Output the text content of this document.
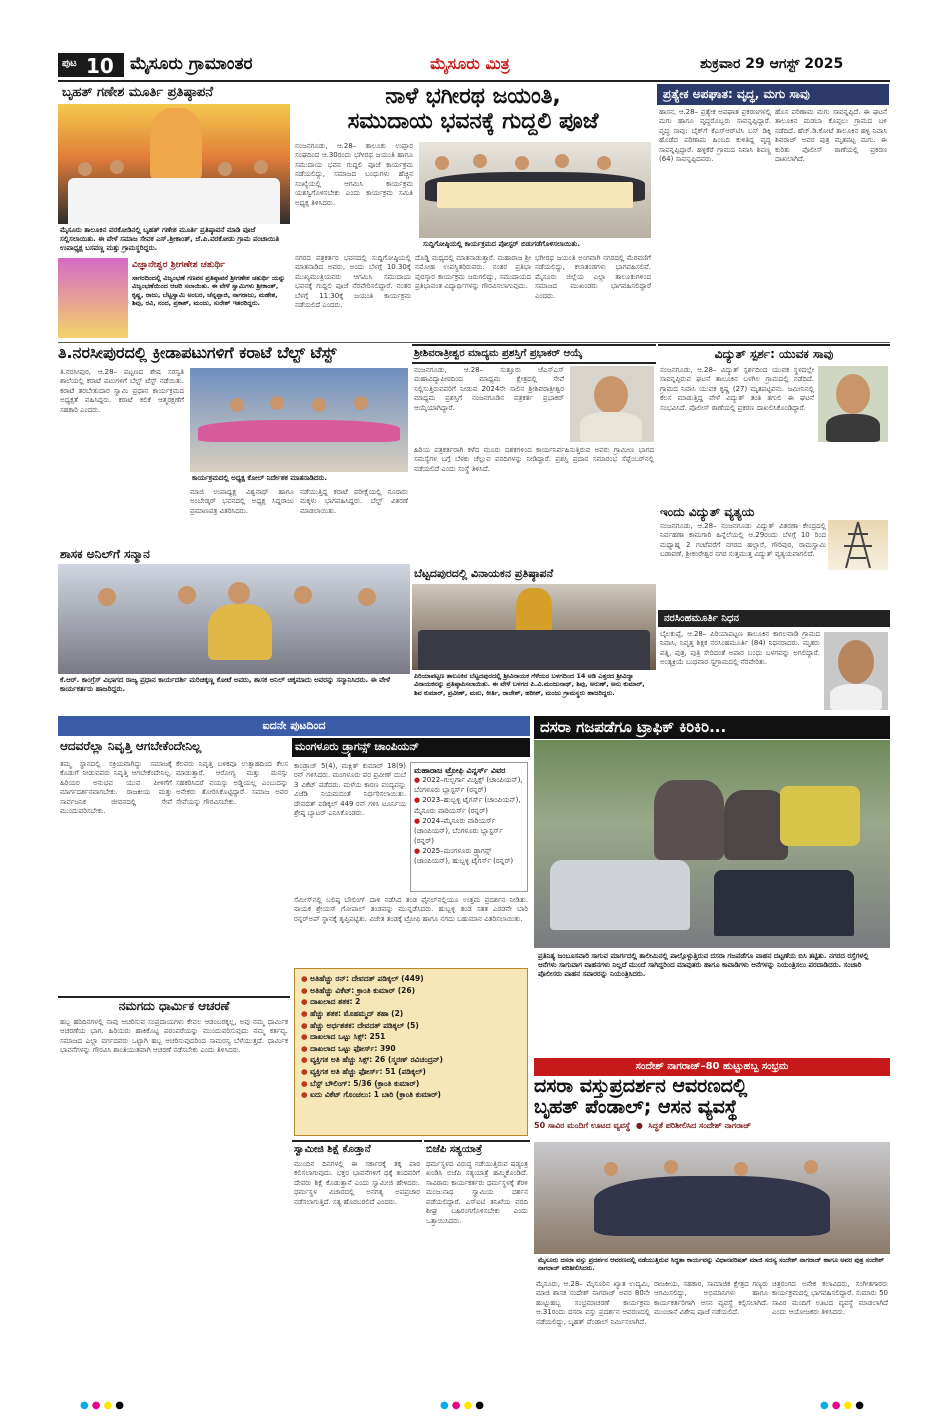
ಪುಟ 10 ಮೈಸೂರು ಗ್ರಾಮಾಂತರ	ಮೈಸೂರು ಮಿತ್ರ	ಶುಕ್ರವಾರ 29 ಆಗಸ್ಟ್ 2025
ಬೃಹತ್ ಗಣೇಶ ಮೂರ್ತಿ ಪ್ರತಿಷ್ಠಾಪನೆ
ಮೈಸೂರು ತಾಲೂಕಿನ ವರಕೋಡಿನಲ್ಲಿ ಬೃಹತ್ ಗಣೇಶ ಮೂರ್ತಿ ಪ್ರತಿಷ್ಠಾಪನೆ ಮಾಡಿ ಪೂಜೆ ಸಲ್ಲಿಸಲಾಯಿತು. ಈ ವೇಳೆ ಸಮಾಜ ಸೇವಕ ಎಸ್.ಶ್ರೀಕಾಂತ್, ಜೆ.ಪಿ.ವರಕೋಡು ಗ್ರಾಮ ಪಂಚಾಯಿತಿ ಉಪಾಧ್ಯಕ್ಷ ಬಸವಣ್ಣ ಮತ್ತು ಗ್ರಾಮಸ್ಥರಿದ್ದರು.
ವಿಜ್ಞಾನೇಶ್ವರ ಶ್ರೀಗಣೇಶ ಚತುರ್ಥಿ
ಸಾಗರದಿಂದಲ್ಲಿ ವಿಜೃಂಭಣೆ ಗಣಪನ ಪ್ರತಿಷ್ಠಾಪನೆ ಶ್ರೀಗಣೇಶ ಚತುರ್ಥಿ ಯನ್ನು ವಿಜೃಂಭಣೆಯಿಂದ ಆಚರಿ ಸಲಾಯಿತು. ಈ ವೇಳೆ ಸ್ವಾಮಿಗಳು ಶ್ರೀಕಾಂತ್, ಕೃಷ್ಣ, ರಾಜು, ಬೆಟ್ಟಸ್ವಾಮಿ ಅಂಬರ, ಚೆನ್ನಪ್ಪಾಜಿ, ನಾಗರಾಜು, ಮಹೇಶ, ಶಿವು, ರವಿ, ನಂದ, ಪ್ರಕಾಶ್, ಮಂಜು, ಸುರೇಶ್ ಇತರರಿದ್ದರು.
ನಾಳೆ ಭಗೀರಥ ಜಯಂತಿ,
ಸಮುದಾಯ ಭವನಕ್ಕೆ ಗುದ್ದಲಿ ಪೂಜೆ
ನಂಜನಗೂಡು, ಆ.28– ತಾಲೂಕು ಉಪ್ಪಾರ ಸಂಘದಿಂದ ಆ.30ರಂದು ಭಗೀರಥ ಜಯಂತಿ ಹಾಗೂ ಸಮುದಾಯ ಭವನ ಗುದ್ದಲಿ ಪೂಜೆ ಕಾರ್ಯಕ್ರಮ ನಡೆಯಲಿದ್ದು, ಸಮಾಜದ ಬಂಧುಗಳು ಹೆಚ್ಚಿನ ಸಂಖ್ಯೆಯಲ್ಲಿ ಆಗಮಿಸಿ ಕಾರ್ಯಕ್ರಮ ಯಶಸ್ವಿಗೊಳಿಸಬೇಕು ಎಂದು ಕಾರ್ಯಕ್ರಮ ಸಮಿತಿ ಅಧ್ಯಕ್ಷ ತಿಳಿಸಿದರು.
ಸುದ್ದಿಗೋಷ್ಠಿಯಲ್ಲಿ ಕಾರ್ಯಕ್ರಮದ ಪೋಸ್ಟರ್ ಬಿಡುಗಡೆಗೊಳಿಸಲಾಯಿತು.
ನಗರದ ಪತ್ರಕರ್ತರ ಭವನದಲ್ಲಿ ಸುದ್ದಿಗೋಷ್ಠಿಯಲ್ಲಿ ಮಾತನಾಡಿದ ಅವರು, ಅಂದು ಬೆಳಗ್ಗೆ 10.30ಕ್ಕೆ ಮುಖ್ಯಮಂತ್ರಿಯವರು ಆಗಮಿಸಿ ಸಮುದಾಯ ಭವನಕ್ಕೆ ಗುದ್ದಲಿ ಪೂಜೆ ನೆರವೇರಿಸಲಿದ್ದಾರೆ. ನಂತರ ಬೆಳಗ್ಗೆ 11.30ಕ್ಕೆ ಜಯಂತಿ ಕಾರ್ಯಕ್ರಮ ನಡೆಯಲಿದೆ ಎಂದರು.
ದೊಡ್ಡಿ ಮಧ್ಯದಲ್ಲಿ ಮಾತನಾಡುತ್ತಾರೆ. ಮಹಾರಾಜ ಶ್ರೀ ನಮೋಹ ಉಪಸ್ಥಿತರಿರುವರು. ನಂತರ ಪ್ರತಿಭಾ ಪುರಸ್ಕಾರ ಕಾರ್ಯಕ್ರಮ ಜರುಗಲಿದ್ದು, ಸಮುದಾಯದ ಪ್ರತಿಭಾವಂತ ವಿದ್ಯಾರ್ಥಿಗಳನ್ನು ಗೌರವಿಸಲಾಗುವುದು.
ಭಗೀರಥ ಜಯಂತಿ ಅಂಗವಾಗಿ ನಗರದಲ್ಲಿ ಮೆರವಣಿಗೆ ನಡೆಯಲಿದ್ದು, ಕಲಾತಂಡಗಳು ಭಾಗವಹಿಸಲಿವೆ. ಮೈಸೂರು ಜಿಲ್ಲೆಯ ಎಲ್ಲಾ ತಾಲೂಕುಗಳಿಂದ ಸಮಾಜದ ಮುಖಂಡರು ಭಾಗವಹಿಸಲಿದ್ದಾರೆ ಎಂದರು.
ಪ್ರತ್ಯೇಕ ಅಪಘಾತ: ವೃದ್ಧ, ಮಗು ಸಾವು
ಹಾಸನ, ಆ.28– ಪ್ರತ್ಯೇಕ ಅಪಘಾತ ಪ್ರಕರಣಗಳಲ್ಲಿ ಮಗು ಹಾಗೂ ವೃದ್ಧರೊಬ್ಬರು ಸಾವನ್ನಪ್ಪಿದ್ದಾರೆ. ವೃದ್ಧ ಸಾವು: ಬೈಕ್‌ಗೆ ಕೆಎಸ್‌ಆರ್‌ಟಿಸಿ ಬಸ್ ಡಿಕ್ಕಿ ಹೊಡೆದ ಪರಿಣಾಮ ಹಿಂಬದಿ ಕುಳಿತಿದ್ದ ವೃದ್ಧ ಸಾವನ್ನಪ್ಪಿದ್ದಾರೆ. ಹಳ್ಳಿಕೆರೆ ಗ್ರಾಮದ ನಿವಾಸಿ ಶಿವಣ್ಣ (64) ಸಾವನ್ನಪ್ಪಿದವರು.
ಹೊಸ ಪರಿಣಾಮ ಮಗು ಸಾವನ್ನಪ್ಪಿದೆ. ಈ ಘಟನೆ ತಾಲೂಕಿನ ಮಡಬಾ ಕೊಪ್ಪಲು ಗ್ರಾಮದ ಬಳಿ ನಡೆದಿದೆ. ಹೆಚ್.ಡಿ.ಕೋಟೆ ತಾಲೂಕಿನ ಹಳ್ಳಿ ನಿವಾಸಿ ಶಿವರಾಜ್ ಅವರ ಪುತ್ರ ಮೃತಪಟ್ಟ ಮಗು. ಈ ಕುರಿತು ಪೊಲೀಸ್ ಠಾಣೆಯಲ್ಲಿ ಪ್ರಕರಣ ದಾಖಲಾಗಿದೆ.
ತಿ.ನರಸೀಪುರದಲ್ಲಿ ಕ್ರೀಡಾಪಟುಗಳಿಗೆ ಕರಾಟೆ ಬೆಲ್ಟ್ ಟೆಸ್ಟ್
ತಿ.ನರಸೀಪುರ, ಆ.28– ಪಟ್ಟಣದ ಶೇಷ ಸರಸ್ವತಿ ಶಾಲೆಯಲ್ಲಿ ಕರಾಟೆ ಪಟುಗಳಿಗೆ ಬೆಲ್ಟ್ ಟೆಸ್ಟ್ ನಡೆಯಿತು. ಕರಾಟೆ ತರಬೇತುದಾರ ಸ್ವಾಮಿ ಪ್ರಧಾನ ಕಾರ್ಯಕ್ರಮದ ಅಧ್ಯಕ್ಷತೆ ವಹಿಸಿದ್ದರು. ಕರಾಟೆ ಕಲಿಕೆ ಆತ್ಮರಕ್ಷಣೆಗೆ ಸಹಕಾರಿ ಎಂದರು.
ಕಾರ್ಯಕ್ರಮದಲ್ಲಿ ಅಧ್ಯಕ್ಷ ಕೋಲ್ ನಿರ್ದೇಶಕ ಮಾತನಾಡಿದರು.
ಮಾಜಿ ಉಪಾಧ್ಯಕ್ಷ ವಿಶ್ವನಾಥ್ ಹಾಗೂ ಅಂಬೇಡ್ಕರ್ ಭವನದಲ್ಲಿ ಅಧ್ಯಕ್ಷ ಸಿದ್ದರಾಜು ಪ್ರಮಾಣಪತ್ರ ವಿತರಿಸಿದರು.
ನಡೆಯುತ್ತಿದ್ದ ಕರಾಟೆ ಪರೀಕ್ಷೆಯಲ್ಲಿ ನೂರಾರು ಮಕ್ಕಳು ಭಾಗವಹಿಸಿದ್ದರು. ಬೆಲ್ಟ್ ವಿತರಣೆ ಮಾಡಲಾಯಿತು.
ಶಾಸಕ ಅನಿಲ್‌ಗೆ ಸನ್ಮಾನ
ಕೆ.ಆರ್. ಕಾಂಗ್ರೆಸ್ ವಿಭಾಗದ ರಾಜ್ಯ ಪ್ರಧಾನ ಕಾರ್ಯದರ್ಶಿ ಮರಿಚಿಕ್ಕಣ್ಣ ಕೋಟೆ ಅವರು, ಶಾಸಕ ಅನಿಲ್ ಚಿಕ್ಕಮಾದು ಅವರನ್ನು ಸನ್ಮಾನಿಸಿದರು. ಈ ವೇಳೆ ಕಾರ್ಯಕರ್ತರು ಹಾಜರಿದ್ದರು.
ಶ್ರೀಶಿವರಾತ್ರೀಶ್ವರ ಮಾದ್ಯಮ ಪ್ರಶಸ್ತಿಗೆ ಪ್ರಭಾಕರ್ ಆಯ್ಕೆ
ನಂಜನಗೂಡು, ಆ.28– ಸುತ್ತೂರು ಜೆಎಸ್‌ಎಸ್ ಮಹಾವಿದ್ಯಾಪೀಠದಿಂದ ಮಾಧ್ಯಮ ಕ್ಷೇತ್ರದಲ್ಲಿ ಸೇವೆ ಸಲ್ಲಿಸುತ್ತಿರುವವರಿಗೆ ನೀಡುವ 2024ನೇ ಸಾಲಿನ ಶ್ರೀಶಿವರಾತ್ರೀಶ್ವರ ಮಾಧ್ಯಮ ಪ್ರಶಸ್ತಿಗೆ ನಂಜನಗೂಡಿನ ಪತ್ರಕರ್ತ ಪ್ರಭಾಕರ್ ಆಯ್ಕೆಯಾಗಿದ್ದಾರೆ.
ಹಿರಿಯ ಪತ್ರಕರ್ತರಾಗಿ ಕಳೆದ ಮೂರು ದಶಕಗಳಿಂದ ಕಾರ್ಯನಿರ್ವಹಿಸುತ್ತಿರುವ ಅವರು ಗ್ರಾಮೀಣ ಭಾಗದ ಸಮಸ್ಯೆಗಳ ಬಗ್ಗೆ ಬೆಳಕು ಚೆಲ್ಲುವ ವರದಿಗಳನ್ನು ನೀಡಿದ್ದಾರೆ. ಪ್ರಶಸ್ತಿ ಪ್ರದಾನ ಸಮಾರಂಭ ಸೆಪ್ಟೆಂಬರ್‌ನಲ್ಲಿ ನಡೆಯಲಿದೆ ಎಂದು ಸಂಸ್ಥೆ ತಿಳಿಸಿದೆ.
ಬೆಟ್ಟದಪುರದಲ್ಲಿ ವಿನಾಯಕನ ಪ್ರತಿಷ್ಠಾಪನೆ
ಪಿರಿಯಾಪಟ್ಟಣ ತಾಲೂಕಿನ ಬೆಟ್ಟದಪುರದಲ್ಲಿ ಶ್ರೀವಿನಾಯಕ ಗೆಳೆಯರ ಬಳಗದಿಂದ 14 ಅಡಿ ಎತ್ತರದ ಶ್ರೀವಿದ್ಯಾ ವಿನಾಯಕನನ್ನು ಪ್ರತಿಷ್ಠಾಪಿಸಲಾಯಿತು. ಈ ವೇಳೆ ಬಳಗದ ಪಿ.ವಿ.ಮಂಜುನಾಥ್, ಶಿವು, ಅರುಣ್, ಅನು ಕುಮಾರ್, ಶಿವ ಕುಮಾರ್, ಪ್ರವೀಣ್, ಮನು, ಕೀರ್ತಿ, ರಾಜೇಶ್, ಹರೀಶ್, ಮಂಜು ಗ್ರಾಮಸ್ಥರು ಹಾಜರಿದ್ದರು.
ವಿದ್ಯುತ್ ಸ್ಪರ್ಶ: ಯುವಕ ಸಾವು
ನಂಜನಗೂಡು, ಆ.28– ವಿದ್ಯುತ್ ಸ್ಪರ್ಶದಿಂದ ಯುವಕ ಸ್ಥಳದಲ್ಲೇ ಸಾವನ್ನಪ್ಪಿರುವ ಘಟನೆ ತಾಲೂಕಿನ ಬಳಗಿಲ ಗ್ರಾಮದಲ್ಲಿ ನಡೆದಿದೆ. ಗ್ರಾಮದ ನಿವಾಸಿ ಯುವಕ ಕೃಷ್ಣ (27) ಮೃತಪಟ್ಟವನು. ಜಮೀನಿನಲ್ಲಿ ಕೆಲಸ ಮಾಡುತ್ತಿದ್ದ ವೇಳೆ ವಿದ್ಯುತ್ ತಂತಿ ತಗುಲಿ ಈ ಘಟನೆ ಸಂಭವಿಸಿದೆ. ಪೊಲೀಸ್ ಠಾಣೆಯಲ್ಲಿ ಪ್ರಕರಣ ದಾಖಲಿಸಿಕೊಂಡಿದ್ದಾರೆ.
ಇಂದು ವಿದ್ಯುತ್ ವ್ಯತ್ಯಯ
ನಂಜನಗೂಡು, ಆ.28– ನಂಜನಗೂಡು ವಿದ್ಯುತ್ ವಿತರಣಾ ಕೇಂದ್ರದಲ್ಲಿ ನಿರ್ವಹಣಾ ಕಾಮಗಾರಿ ಹಿನ್ನೆಲೆಯಲ್ಲಿ ಆ.29ರಂದು ಬೆಳಗ್ಗೆ 10 ರಿಂದ ಮಧ್ಯಾಹ್ನ 2 ಗಂಟೆವರೆಗೆ ನಗರದ ಹಲ್ಲಾರೆ, ಗೌರಿಪುರ, ರಾಮಸ್ವಾಮಿ ಬಡಾವಣೆ, ಶ್ರೀಕಂಠೇಶ್ವರ ನಗರ ಸುತ್ತಮುತ್ತ ವಿದ್ಯುತ್ ವ್ಯತ್ಯಯವಾಗಲಿದೆ.
ನರಸಿಂಹಮೂರ್ತಿ ನಿಧನ
ಬೈಲಕುಪ್ಪೆ, ಆ.28– ಪಿರಿಯಾಪಟ್ಟಣ ತಾಲೂಕಿನ ಕಾಗಲವಾಡಿ ಗ್ರಾಮದ ನಿವಾಸಿ, ನಿವೃತ್ತ ಶಿಕ್ಷಕ ನರಸಿಂಹಮೂರ್ತಿ (84) ನಿಧನರಾದರು. ಮೃತರು ಪತ್ನಿ, ಪುತ್ರ, ಪುತ್ರಿ ಸೇರಿದಂತೆ ಅಪಾರ ಬಂಧು ಬಳಗವನ್ನು ಅಗಲಿದ್ದಾರೆ. ಅಂತ್ಯಕ್ರಿಯೆ ಬುಧವಾರ ಸ್ವಗ್ರಾಮದಲ್ಲಿ ನೆರವೇರಿತು.
ಐದನೇ ಪುಟದಿಂದ
ಆದವರೆಲ್ಲಾ ನಿವೃತ್ತಿ ಆಗಬೇಕೆಂದೇನಿಲ್ಲ
ತಮ್ಮ ಸ್ಥಾನದಲ್ಲಿ ಸಕ್ರಿಯವಾಗಿದ್ದು ಸಮಾಜಕ್ಕೆ ಕೊಡುಗೆ ನೀಡುವವರು ನಿವೃತ್ತಿ ಆಗಬೇಕೆಂದೇನಿಲ್ಲ. ಹಿರಿಯರ ಅನುಭವ ಯುವ ಪೀಳಿಗೆಗೆ ಮಾರ್ಗದರ್ಶನವಾಗಬೇಕು. ರಾಜಕೀಯ ಮತ್ತು ಸಾರ್ವಜನಿಕ ಜೀವನದಲ್ಲಿ ಸೇವೆ ಮುಂದುವರಿಸಬೇಕು.
ಕೆಲವರು ನಿವೃತ್ತಿ ಬಳಿಕವೂ ಉತ್ಸಾಹದಿಂದ ಕೆಲಸ ಮಾಡುತ್ತಾರೆ. ಆರೋಗ್ಯ ಮತ್ತು ಮನಸ್ಸು ಸಹಕರಿಸಿದರೆ ವಯಸ್ಸು ಅಡ್ಡಿಯಲ್ಲ ಎಂಬುದನ್ನು ಅನೇಕರು ತೋರಿಸಿಕೊಟ್ಟಿದ್ದಾರೆ. ಸಮಾಜ ಅವರ ಸೇವೆಯನ್ನು ಗೌರವಿಸಬೇಕು.
ನಮಗದು ಧಾರ್ಮಿಕ ಆಚರಣೆ
ಹಬ್ಬ ಹರಿದಿನಗಳಲ್ಲಿ ನಾವು ಆಚರಿಸುವ ಸಂಪ್ರದಾಯಗಳು ಕೇವಲ ಆಡಂಬರಕ್ಕಲ್ಲ, ಅವು ನಮ್ಮ ಧಾರ್ಮಿಕ ಆಚರಣೆಯ ಭಾಗ. ಹಿರಿಯರು ಹಾಕಿಕೊಟ್ಟ ಪರಂಪರೆಯನ್ನು ಮುಂದುವರಿಸುವುದು ನಮ್ಮ ಕರ್ತವ್ಯ. ಸಮಾಜದ ಎಲ್ಲಾ ವರ್ಗದವರು ಒಟ್ಟಾಗಿ ಹಬ್ಬ ಆಚರಿಸುವುದರಿಂದ ಸಾಮರಸ್ಯ ಬೆಳೆಯುತ್ತದೆ. ಧಾರ್ಮಿಕ ಭಾವನೆಗಳನ್ನು ಗೌರವಿಸಿ ಶಾಂತಿಯುತವಾಗಿ ಆಚರಣೆ ನಡೆಸಬೇಕು ಎಂದು ತಿಳಿಸಿದರು.
ಮಂಗಳೂರು ಡ್ರ್ಯಾಗನ್ಸ್ ಚಾಂಪಿಯನ್
ಕಾಂಡ್ರಾಜ್ 5(4), ಮಕ್ಷಿತ್ ಕುಮಾರ್ 18(9) ರನ್ ಗಳಿಸಿದರು. ಮಂಗಳೂರು ಪರ ಪ್ರವೀಣ್ ದುಬೆ 3 ವಿಕೆಟ್ ಪಡೆದರು. ಮಳೆಯ ಕಾರಣ ಪಂದ್ಯವನ್ನು ವಿಜೆಡಿ ನಿಯಮದಂತೆ ನಿರ್ಧರಿಸಲಾಯಿತು. ದೇವದತ್ ಪಡಿಕ್ಕಲ್ 449 ರನ್ ಗಳಿಸಿ ಟೂರ್ನಿಯ ಶ್ರೇಷ್ಠ ಬ್ಯಾಟರ್ ಎನಿಸಿಕೊಂಡರು.
ಮಹಾರಾಜ ಟ್ರೋಫಿ ವಿನ್ನರ್ಸ್ ವಿವರ
● 2022–ಗುಲ್ಬರ್ಗಾ ಮಿಸ್ಟಿಕ್ಸ್ (ಚಾಂಪಿಯನ್), ಬೆಂಗಳೂರು ಬ್ಲಾಸ್ಟರ್ಸ್ (ರನ್ನರ್)
● 2023–ಹುಬ್ಬಳ್ಳಿ ಟೈಗರ್ಸ್ (ಚಾಂಪಿಯನ್), ಮೈಸೂರು ವಾರಿಯರ್ಸ್ (ರನ್ನರ್)
● 2024–ಮೈಸೂರು ವಾರಿಯರ್ಸ್ (ಚಾಂಪಿಯನ್), ಬೆಂಗಳೂರು ಬ್ಲಾಸ್ಟರ್ಸ್ (ರನ್ನರ್)
● 2025–ಮಂಗಳೂರು ಡ್ರ್ಯಾಗನ್ಸ್ (ಚಾಂಪಿಯನ್), ಹುಬ್ಬಳ್ಳಿ ಟೈಗರ್ಸ್ (ರನ್ನರ್)
ಸೆಮೀಸ್‌ನಲ್ಲಿ ಬಲಿಷ್ಠ ಬೌಲಿಂಗ್ ದಾಳಿ ನಡೆಸಿದ ತಂಡ ಫೈನಲ್‌ನಲ್ಲಿಯೂ ಉತ್ತಮ ಪ್ರದರ್ಶನ ನೀಡಿತು. ನಾಯಕ ಶ್ರೇಯಸ್ ಗೋಪಾಲ್ ತಂಡವನ್ನು ಮುನ್ನಡೆಸಿದರು. ಹುಬ್ಬಳ್ಳಿ ತಂಡ ಸತತ ಎರಡನೇ ಬಾರಿ ರನ್ನರ್‌ಅಪ್ ಸ್ಥಾನಕ್ಕೆ ತೃಪ್ತಿಪಟ್ಟಿತು. ವಿಜೇತ ತಂಡಕ್ಕೆ ಟ್ರೋಫಿ ಹಾಗೂ ನಗದು ಬಹುಮಾನ ವಿತರಿಸಲಾಯಿತು.
● ಅತಿಹೆಚ್ಚು ರನ್: ದೇವದತ್ ಪಡಿಕ್ಕಲ್ (449)
● ಅತಿಹೆಚ್ಚು ವಿಕೆಟ್: ಕ್ರಾಂತಿ ಕುಮಾರ್ (26)
● ದಾಖಲಾದ ಶತಕ: 2
● ಹೆಚ್ಚು ಶತಕ: ಮೊಹಮ್ಮದ್ ತಹಾ (2)
● ಹೆಚ್ಚು ಅರ್ಧಶತಕ: ದೇವದತ್ ಪಡಿಕ್ಕಲ್ (5)
● ದಾಖಲಾದ ಒಟ್ಟು ಸಿಕ್ಸ್: 251
● ದಾಖಲಾದ ಒಟ್ಟು ಫೋರ್ಸ್: 390
● ವ್ಯಕ್ತಿಗತ ಅತಿ ಹೆಚ್ಚು ಸಿಕ್ಸ್: 26 (ಸ್ಮರಣ್ ರವಿಚಂದ್ರನ್)
● ವ್ಯಕ್ತಿಗತ ಅತಿ ಹೆಚ್ಚು ಫೋರ್ಸ್: 51 (ಪಡಿಕ್ಕಲ್)
● ಬೆಸ್ಟ್ ಬೌಲಿಂಗ್: 5/36 (ಕ್ರಾಂತಿ ಕುಮಾರ್)
● ಐದು ವಿಕೆಟ್ ಗೊಂಚಲು: 1 ಬಾರಿ (ಕ್ರಾಂತಿ ಕುಮಾರ್)
ಸ್ವಾಮೀಜಿ ಶಿಕ್ಷೆ ಕೊಡ್ತಾನೆ
ಮುಂದಿನ ದಿನಗಳಲ್ಲಿ ಈ ಸರ್ಕಾರಕ್ಕೆ ತಕ್ಕ ಪಾಠ ಕಲಿಸಲಾಗುವುದು. ಭಕ್ತರ ಭಾವನೆಗಳಿಗೆ ಧಕ್ಕೆ ತಂದವರಿಗೆ ದೇವರು ಶಿಕ್ಷೆ ಕೊಡುತ್ತಾನೆ ಎಂದು ಸ್ವಾಮೀಜಿ ಹೇಳಿದರು. ಧರ್ಮಸ್ಥಳ ವಿಚಾರದಲ್ಲಿ ಅನಗತ್ಯ ಅಪಪ್ರಚಾರ ನಡೆಸಲಾಗುತ್ತಿದೆ. ಸತ್ಯ ಹೊರಬರಲಿದೆ ಎಂದರು.
ಬಿಜೆಪಿ ಸತ್ಯಯಾತ್ರೆ
ಧರ್ಮಸ್ಥಳದ ವಿರುದ್ಧ ನಡೆಯುತ್ತಿರುವ ಷಡ್ಯಂತ್ರ ಖಂಡಿಸಿ ಬಿಜೆಪಿ ಸತ್ಯಯಾತ್ರೆ ಹಮ್ಮಿಕೊಂಡಿದೆ. ಸಾವಿರಾರು ಕಾರ್ಯಕರ್ತರು ಧರ್ಮಸ್ಥಳಕ್ಕೆ ತೆರಳಿ ಮಂಜುನಾಥ ಸ್ವಾಮಿಯ ದರ್ಶನ ಪಡೆಯಲಿದ್ದಾರೆ. ಎಸ್‌ಐಟಿ ತನಿಖೆಯ ವರದಿ ಶೀಘ್ರ ಬಹಿರಂಗಗೊಳಿಸಬೇಕು ಎಂದು ಒತ್ತಾಯಿಸಿದರು.
ದಸರಾ ಗಜಪಡೆಗೂ ಟ್ರಾಫಿಕ್ ಕಿರಿಕಿರಿ...
ಪ್ರತಿನಿತ್ಯ ಜಂಬೂಸವಾರಿ ಸಾಗುವ ಮಾರ್ಗದಲ್ಲಿ ತಾಲೀಮಿನಲ್ಲಿ ಪಾಲ್ಗೊಳ್ಳುತ್ತಿರುವ ದಸರಾ ಗಜಪಡೆಗೂ ವಾಹನ ದಟ್ಟಣೆಯ ಬಿಸಿ ತಟ್ಟಿತು. ನಗರದ ರಸ್ತೆಗಳಲ್ಲಿ ಆನೆಗಳು ಸಾಗುವಾಗ ವಾಹನಗಳು ನಿಲ್ಲದೆ ಮುಂದೆ ಸಾಗಿದ್ದರಿಂದ ಮಾವುತರು ಹಾಗೂ ಕಾವಾಡಿಗಳು ಆನೆಗಳನ್ನು ನಿಯಂತ್ರಿಸಲು ಪರದಾಡಿದರು. ಸಂಚಾರಿ ಪೊಲೀಸರು ವಾಹನ ಸವಾರರನ್ನು ನಿಯಂತ್ರಿಸಿದರು.
ಸಂದೇಶ್ ನಾಗರಾಜ್–80 ಹುಟ್ಟುಹಬ್ಬ ಸಂಭ್ರಮ
ದಸರಾ ವಸ್ತುಪ್ರದರ್ಶನ ಆವರಣದಲ್ಲಿ
ಬೃಹತ್ ಪೆಂಡಾಲ್; ಆಸನ ವ್ಯವಸ್ಥೆ
50 ಸಾವಿರ ಮಂದಿಗೆ ಊಟದ ವ್ಯವಸ್ಥೆ  ●  ಸಿದ್ಧತೆ ಪರಿಶೀಲಿಸಿದ ಸಂದೇಶ್ ನಾಗರಾಜ್
ಮೈಸೂರು ದಸರಾ ವಸ್ತು ಪ್ರದರ್ಶನ ಆವರಣದಲ್ಲಿ ನಡೆಯುತ್ತಿರುವ ಸಿದ್ಧತಾ ಕಾರ್ಯವನ್ನು ವಿಧಾನಪರಿಷತ್ ಮಾಜಿ ಸದಸ್ಯ ಸಂದೇಶ್ ನಾಗರಾಜ್ ಹಾಗೂ ಅವರ ಪುತ್ರ ಸಂದೇಶ್ ನಾಗರಾಜ್ ಪರಿಶೀಲಿಸಿದರು.
ಮೈಸೂರು, ಆ.28– ಮೈಸೂರಿನ ಖ್ಯಾತ ಉದ್ಯಮಿ, ಮಾಜಿ ಶಾಸಕ ಸಂದೇಶ್ ನಾಗರಾಜ್ ಅವರ 80ನೇ ಹುಟ್ಟುಹಬ್ಬ ಸಂಭ್ರಮಾಚರಣೆ ಕಾರ್ಯಕ್ರಮ ಆ.31ರಂದು ದಸರಾ ವಸ್ತು ಪ್ರದರ್ಶನ ಆವರಣದಲ್ಲಿ ನಡೆಯಲಿದ್ದು, ಬೃಹತ್ ಪೆಂಡಾಲ್ ನಿರ್ಮಿಸಲಾಗಿದೆ.
ರಾಜಕೀಯ, ಸಹಕಾರ, ಸಾಮಾಜಿಕ ಕ್ಷೇತ್ರದ ಗಣ್ಯರು ಆಗಮಿಸಲಿದ್ದು, ಅಭಿಮಾನಿಗಳು ಹಾಗೂ ಕಾರ್ಯಕರ್ತರಿಗಾಗಿ ಆಸನ ವ್ಯವಸ್ಥೆ ಕಲ್ಪಿಸಲಾಗಿದೆ. ಮುಂಜಾನೆ ವಿಶೇಷ ಪೂಜೆ ನಡೆಯಲಿದೆ.
ಚಿತ್ರರಂಗದ ಅನೇಕ ಕಲಾವಿದರು, ಸಂಗೀತಗಾರರು ಕಾರ್ಯಕ್ರಮದಲ್ಲಿ ಭಾಗವಹಿಸಲಿದ್ದಾರೆ. ಸುಮಾರು 50 ಸಾವಿರ ಮಂದಿಗೆ ಊಟದ ವ್ಯವಸ್ಥೆ ಮಾಡಲಾಗಿದೆ ಎಂದು ಆಯೋಜಕರು ತಿಳಿಸಿದರು.
●●●●	●●●●	●●●●
